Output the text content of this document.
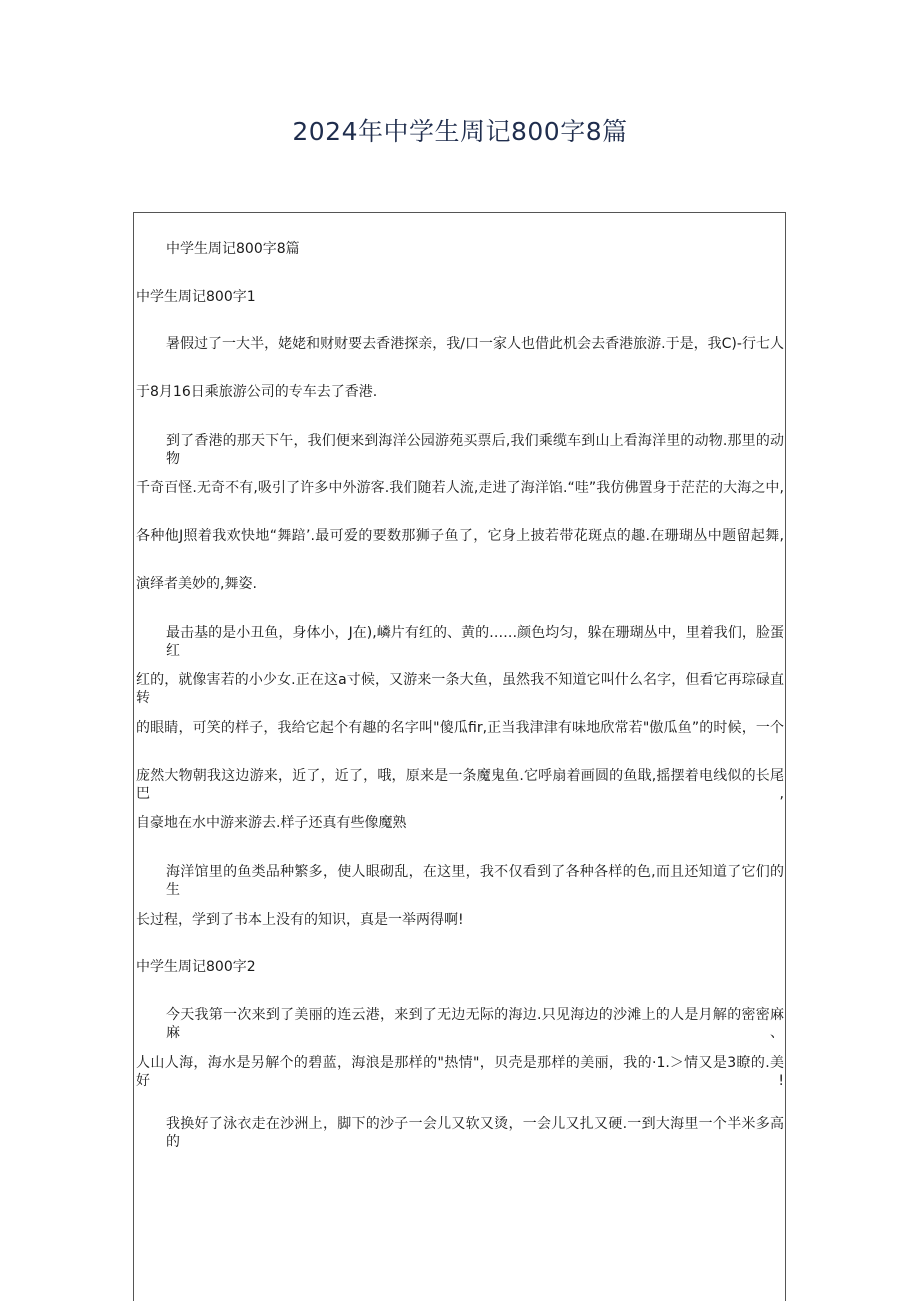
2024年中学生周记800字8篇
中学生周记800字8篇
中学生周记800字1
暑假过了一大半，姥姥和财财要去香港探亲，我/口一家人也借此机会去香港旅游.于是，我C)-行七人
于8月16日乘旅游公司的专车去了香港.
到了香港的那天下午，我们便来到海洋公园游苑买票后,我们乘缆车到山上看海洋里的动物.那里的动物
千奇百怪.无奇不有,吸引了许多中外游客.我们随若人流,走进了海洋馅.“哇”我仿佛置身于茫茫的大海之中,
各种他J照着我欢快地“舞踣’.最可爱的要数那狮子鱼了，它身上披若带花斑点的趣.在珊瑚丛中题留起舞,
演绎者美妙的,舞姿.
最击基的是小丑鱼，身体小，J在),嶙片有红的、黄的……颜色均匀，躲在珊瑚丛中，里着我们，脸蛋红
红的，就像害若的小少女.正在这a寸候，又游来一条大鱼，虽然我不知道它叫什么名字，但看它再琮碌直转
的眼睛，可笑的样子，我给它起个有趣的名字叫"傻瓜fir,正当我津津有味地欣常若"傲瓜鱼”的时候，一个
庞然大物朝我这边游来，近了，近了，哦，原来是一条魔鬼鱼.它呼扇着画圆的鱼戢,摇摆着电线似的长尾巴,
自豪地在水中游来游去.样子还真有些像魔熟
海洋馆里的鱼类品种繁多，使人眼砌乱，在这里，我不仅看到了各种各样的色,而且还知道了它们的生
长过程，学到了书本上没有的知识，真是一举两得啊!
中学生周记800字2
今天我第一次来到了美丽的连云港，来到了无边无际的海边.只见海边的沙滩上的人是月解的密密麻麻、
人山人海，海水是另解个的碧蓝，海浪是那样的"热情"，贝壳是那样的美丽，我的·1.＞情又是3瞭的.美好!
我换好了泳衣走在沙洲上，脚下的沙子一会儿又软又烫，一会儿又扎又硬.一到大海里一个半米多高的
